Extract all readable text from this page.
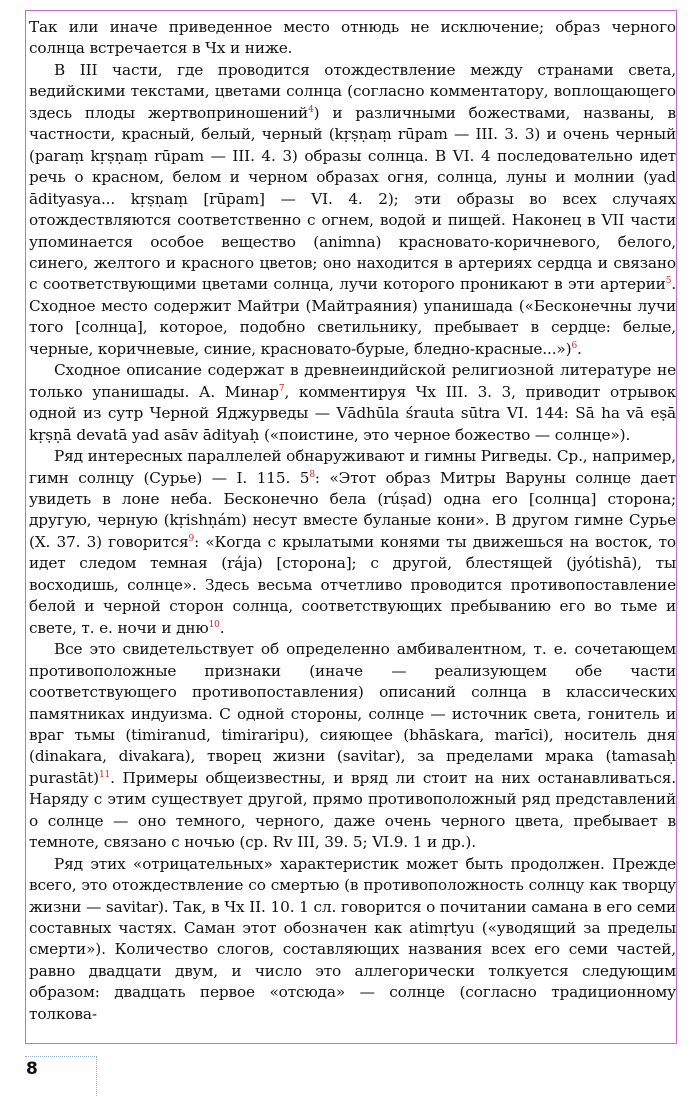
Так или иначе приведенное место отнюдь не исключение; образ черного солнца встречается в Чх и ниже.

В III части, где проводится отождествление между странами света, ведийскими текстами, цветами солнца (согласно комментатору, воплощающего здесь плоды жертвоприношений$^4$) и различными божествами, названы, в частности, красный, белый, черный (kṛṣṇaṃ rūpam — III. 3. 3) и очень черный (paraṃ kṛṣṇaṃ rūpam — III. 4. 3) образы солнца. В VI. 4 последовательно идет речь о красном, белом и черном образах огня, солнца, луны и молнии (yad ādityasya... kṛṣṇaṃ [rūpam] — VI. 4. 2); эти образы во всех случаях отождествляются соответственно с огнем, водой и пищей. Наконец в VII части упоминается особое вещество (animna) красновато-коричневого, белого, синего, желтого и красного цветов; оно находится в артериях сердца и связано с соответствующими цветами солнца, лучи которого проникают в эти артерии$^5$. Сходное место содержит Майтри (Майтраяния) упанишада («Бесконечны лучи того [солнца], которое, подобно светильнику, пребывает в сердце: белые, черные, коричневые, синие, красновато-бурые, бледно-красные...»)$^6$.

Сходное описание содержат в древнеиндийской религиозной литературе не только упанишады. А. Минар$^7$, комментируя Чх III. 3. 3, приводит отрывок одной из сутр Черной Яджурведы — Vādhūla śrauta sūtra VI. 144: Sā ha vā eṣā kṛṣṇā devatā yad asāv ādityaḥ («поистине, это черное божество — солнце»).

Ряд интересных параллелей обнаруживают и гимны Ригведы. Ср., например, гимн солнцу (Сурье) — I. 115. 5$^8$: «Этот образ Митры Варуны солнце дает увидеть в лоне неба. Бесконечно бела (rúṣad) одна его [солнца] сторона; другую, черную (kṛishṇám) несут вместе буланые кони». В другом гимне Сурье (X. 37. 3) говорится$^9$: «Когда с крылатыми конями ты движешься на восток, то идет следом темная (rája) [сторона]; с другой, блестящей (jyótishā), ты восходишь, солнце». Здесь весьма отчетливо проводится противопоставление белой и черной сторон солнца, соответствующих пребыванию его во тьме и свете, т. е. ночи и дню$^{10}$.

Все это свидетельствует об определенно амбивалентном, т. е. сочетающем противоположные признаки (иначе — реализующем обе части соответствующего противопоставления) описаний солнца в классических памятниках индуизма. С одной стороны, солнце — источник света, гонитель и враг тьмы (timiranud, timiraripu), сияющее (bhāskara, marīci), носитель дня (dinakara, divakara), творец жизни (savitar), за пределами мрака (tamasaḥ purastāt)$^{11}$. Примеры общеизвестны, и вряд ли стоит на них останавливаться. Наряду с этим существует другой, прямо противоположный ряд представлений о солнце — оно темного, черного, даже очень черного цвета, пребывает в темноте, связано с ночью (ср. Rv III, 39. 5; VI.9. 1 и др.).

Ряд этих «отрицательных» характеристик может быть продолжен. Прежде всего, это отождествление со смертью (в противоположность солнцу как творцу жизни — savitar). Так, в Чх II. 10. 1 сл. говорится о почитании самана в его семи составных частях. Саман этот обозначен как atimṛtyu («уводящий за пределы смерти»). Количество слогов, составляющих названия всех его семи частей, равно двадцати двум, и число это аллегорически толкуется следующим образом: двадцать первое «отсюда» — солнце (согласно традиционному толкова-

8
